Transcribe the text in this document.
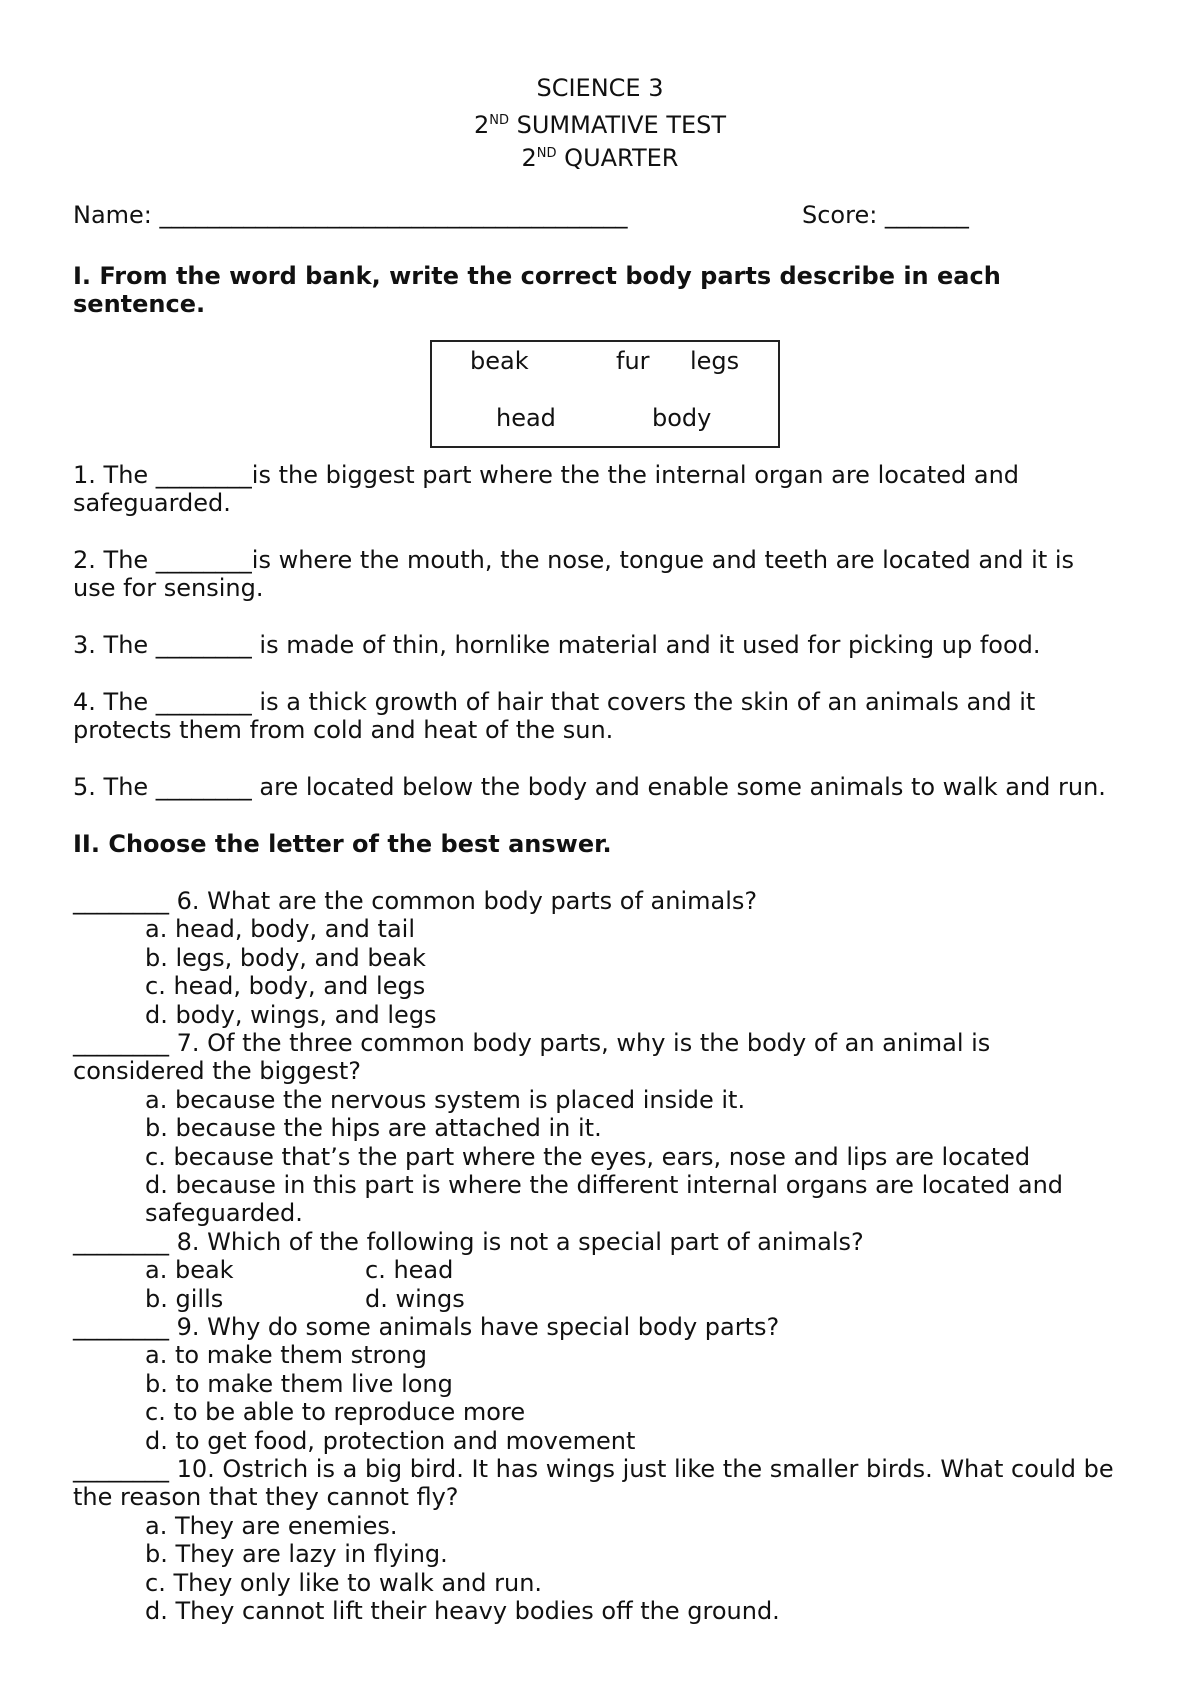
SCIENCE 3
2ND SUMMATIVE TEST
2ND QUARTER
Name: _______________________________________	Score: _______
I. From the word bank, write the correct body parts describe in each
sentence.
beak	fur legs
head	body
1. The ________is the biggest part where the the internal organ are located and
safeguarded.
2. The ________is where the mouth, the nose, tongue and teeth are located and it is
use for sensing.
3. The ________ is made of thin, hornlike material and it used for picking up food.
4. The ________ is a thick growth of hair that covers the skin of an animals and it
protects them from cold and heat of the sun.
5. The ________ are located below the body and enable some animals to walk and run.
II. Choose the letter of the best answer.
________ 6. What are the common body parts of animals?
a. head, body, and tail
b. legs, body, and beak
c. head, body, and legs
d. body, wings, and legs
________ 7. Of the three common body parts, why is the body of an animal is
considered the biggest?
a. because the nervous system is placed inside it.
b. because the hips are attached in it.
c. because that’s the part where the eyes, ears, nose and lips are located
d. because in this part is where the different internal organs are located and
safeguarded.
________ 8. Which of the following is not a special part of animals?
a. beak	c. head
b. gills	d. wings
________ 9. Why do some animals have special body parts?
a. to make them strong
b. to make them live long
c. to be able to reproduce more
d. to get food, protection and movement
________ 10. Ostrich is a big bird. It has wings just like the smaller birds. What could be
the reason that they cannot fly?
a. They are enemies.
b. They are lazy in flying.
c. They only like to walk and run.
d. They cannot lift their heavy bodies off the ground.
